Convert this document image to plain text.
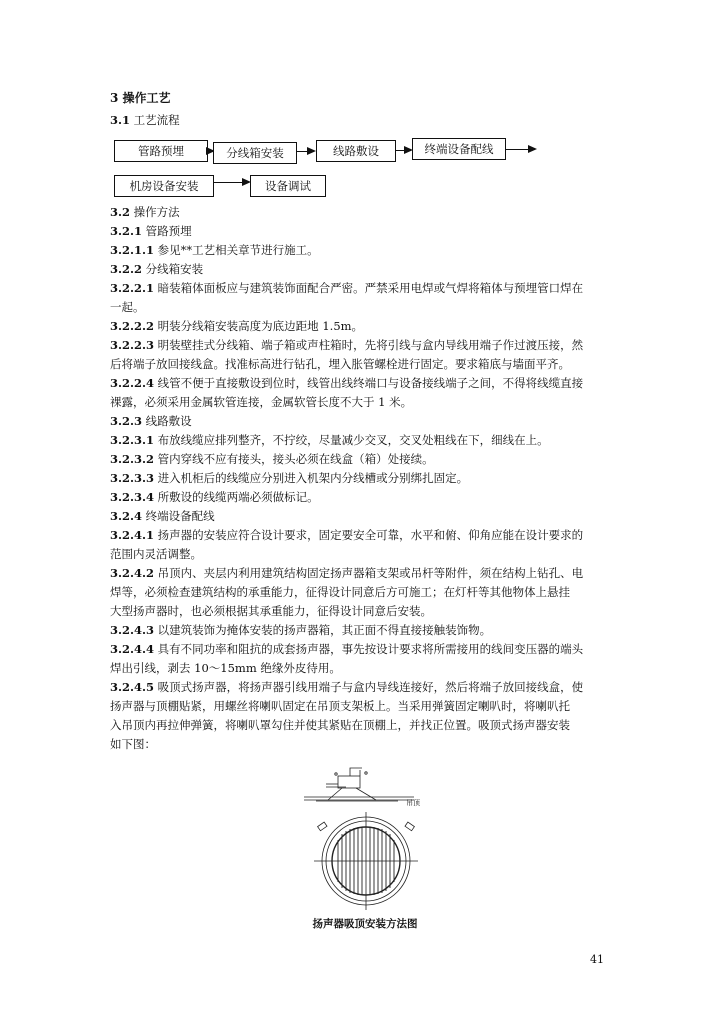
3 操作工艺
3.1 工艺流程
管路预埋	分线箱安装	线路敷设	终端设备配线
机房设备安装	设备调试
3.2 操作方法
3.2.1 管路预埋
3.2.1.1 参见**工艺相关章节进行施工。
3.2.2 分线箱安装
3.2.2.1 暗装箱体面板应与建筑装饰面配合严密。严禁采用电焊或气焊将箱体与预埋管口焊在
一起。
3.2.2.2 明装分线箱安装高度为底边距地 1.5m。
3.2.2.3 明装壁挂式分线箱、端子箱或声柱箱时，先将引线与盒内导线用端子作过渡压接，然
后将端子放回接线盒。找准标高进行钻孔，埋入胀管螺栓进行固定。要求箱底与墙面平齐。
3.2.2.4 线管不便于直接敷设到位时，线管出线终端口与设备接线端子之间，不得将线缆直接
裸露，必须采用金属软管连接，金属软管长度不大于 1 米。
3.2.3 线路敷设
3.2.3.1 布放线缆应排列整齐，不拧绞，尽量减少交叉，交叉处粗线在下，细线在上。
3.2.3.2 管内穿线不应有接头，接头必须在线盒（箱）处接续。
3.2.3.3 进入机柜后的线缆应分别进入机架内分线槽或分别绑扎固定。
3.2.3.4 所敷设的线缆两端必须做标记。
3.2.4 终端设备配线
3.2.4.1 扬声器的安装应符合设计要求，固定要安全可靠，水平和俯、仰角应能在设计要求的
范围内灵活调整。
3.2.4.2 吊顶内、夹层内利用建筑结构固定扬声器箱支架或吊杆等附件，须在结构上钻孔、电
焊等，必须检查建筑结构的承重能力，征得设计同意后方可施工；在灯杆等其他物体上悬挂
大型扬声器时，也必须根据其承重能力，征得设计同意后安装。
3.2.4.3 以建筑装饰为掩体安装的扬声器箱，其正面不得直接接触装饰物。
3.2.4.4 具有不同功率和阻抗的成套扬声器，事先按设计要求将所需接用的线间变压器的端头
焊出引线，剥去 10～15mm 绝缘外皮待用。
3.2.4.5 吸顶式扬声器，将扬声器引线用端子与盒内导线连接好，然后将端子放回接线盒，使
扬声器与顶棚贴紧，用螺丝将喇叭固定在吊顶支架板上。当采用弹簧固定喇叭时，将喇叭托
入吊顶内再拉伸弹簧，将喇叭罩勾住并使其紧贴在顶棚上，并找正位置。吸顶式扬声器安装
如下图：
吊顶
扬声器吸顶安装方法图
41
